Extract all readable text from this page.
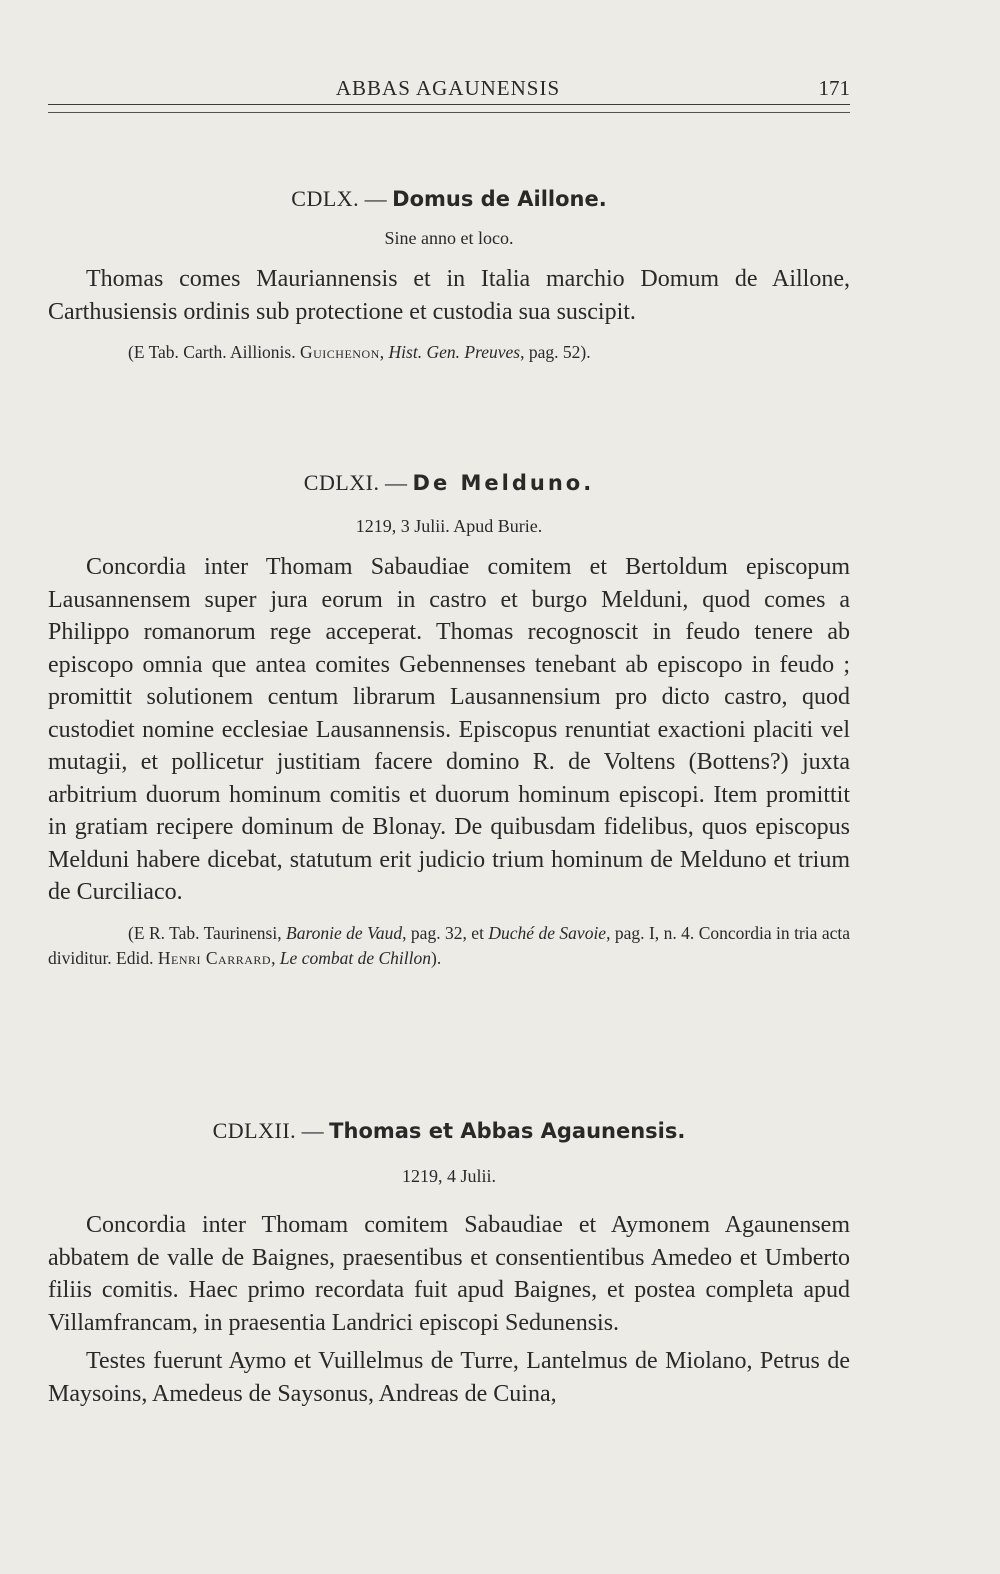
ABBAS AGAUNENSIS	171
CDLX. — Domus de Aillone.
Sine anno et loco.
Thomas comes Mauriannensis et in Italia marchio Domum de Aillone, Carthusiensis ordinis sub protectione et custodia sua suscipit.
(E Tab. Carth. Aillionis. Guichenon, Hist. Gen. Preuves, pag. 52).
CDLXI. — De Melduno.
1219, 3 Julii. Apud Burie.
Concordia inter Thomam Sabaudiae comitem et Bertoldum episcopum Lausannensem super jura eorum in castro et burgo Melduni, quod comes a Philippo romanorum rege acceperat. Thomas recognoscit in feudo tenere ab episcopo omnia que antea comites Gebennenses tenebant ab episcopo in feudo ; promittit solutionem centum librarum Lausannensium pro dicto castro, quod custodiet nomine ecclesiae Lausannensis. Episcopus renuntiat exactioni placiti vel mutagii, et pollicetur justitiam facere domino R. de Voltens (Bottens?) juxta arbitrium duorum hominum comitis et duorum hominum episcopi. Item promittit in gratiam recipere dominum de Blonay. De quibusdam fidelibus, quos episcopus Melduni habere dicebat, statutum erit judicio trium hominum de Melduno et trium de Curciliaco.
(E R. Tab. Taurinensi, Baronie de Vaud, pag. 32, et Duché de Savoie, pag. I, n. 4. Concordia in tria acta dividitur. Edid. Henri Carrard, Le combat de Chillon).
CDLXII. — Thomas et Abbas Agaunensis.
1219, 4 Julii.
Concordia inter Thomam comitem Sabaudiae et Aymonem Agaunensem abbatem de valle de Baignes, praesentibus et consentientibus Amedeo et Umberto filiis comitis. Haec primo recordata fuit apud Baignes, et postea completa apud Villamfrancam, in praesentia Landrici episcopi Sedunensis.
Testes fuerunt Aymo et Vuillelmus de Turre, Lantelmus de Miolano, Petrus de Maysoins, Amedeus de Saysonus, Andreas de Cuina,
